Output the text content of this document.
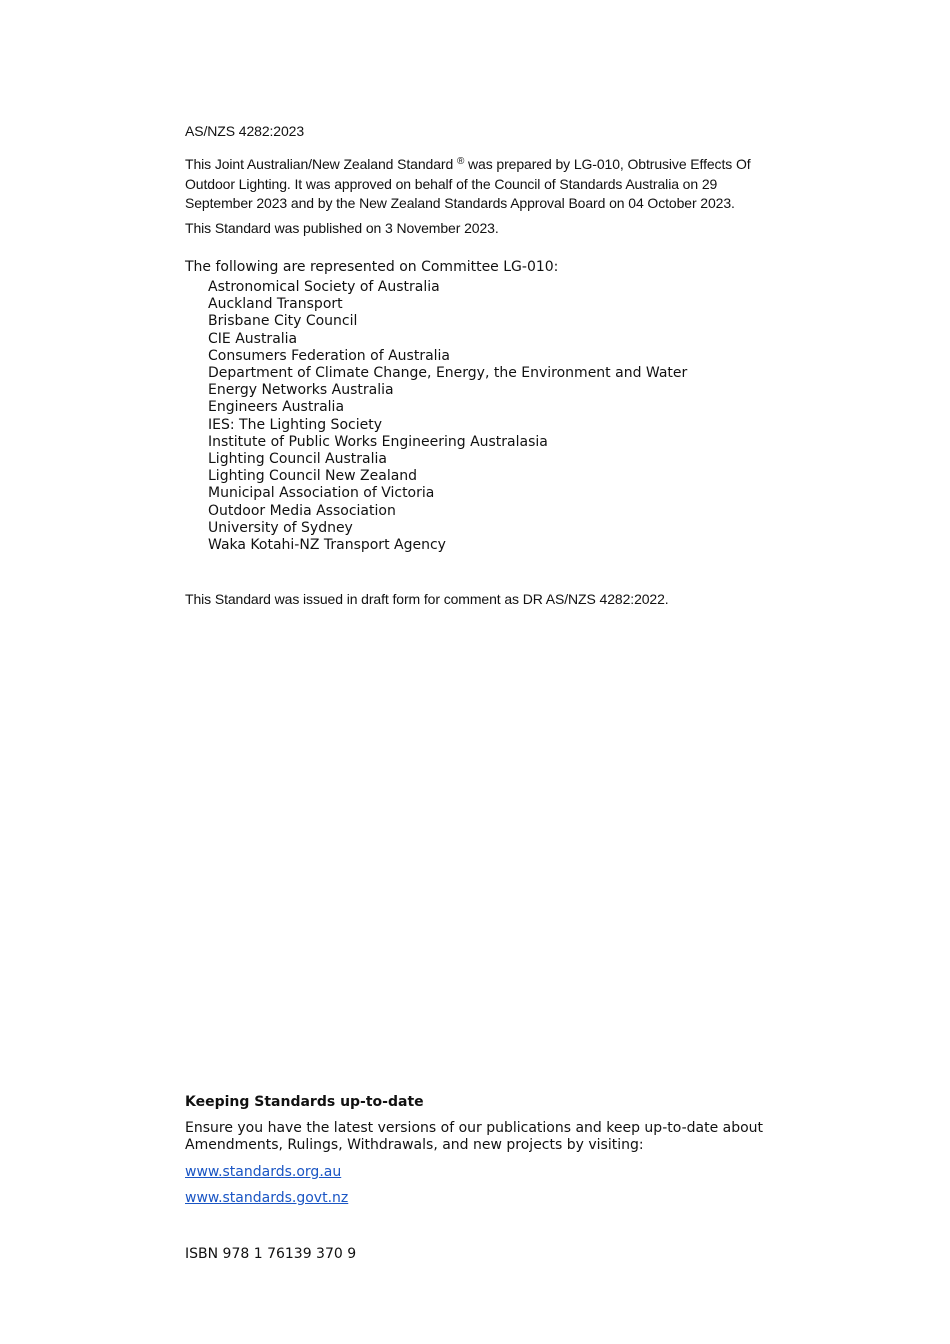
AS/NZS 4282:2023

This Joint Australian/New Zealand Standard ® was prepared by LG-010, Obtrusive Effects Of Outdoor Lighting. It was approved on behalf of the Council of Standards Australia on 29 September 2023 and by the New Zealand Standards Approval Board on 04 October 2023.

This Standard was published on 3 November 2023.

The following are represented on Committee LG-010:

Astronomical Society of Australia
Auckland Transport
Brisbane City Council
CIE Australia
Consumers Federation of Australia
Department of Climate Change, Energy, the Environment and Water
Energy Networks Australia
Engineers Australia
IES: The Lighting Society
Institute of Public Works Engineering Australasia
Lighting Council Australia
Lighting Council New Zealand
Municipal Association of Victoria
Outdoor Media Association
University of Sydney
Waka Kotahi-NZ Transport Agency

This Standard was issued in draft form for comment as DR AS/NZS 4282:2022.

Keeping Standards up-to-date

Ensure you have the latest versions of our publications and keep up-to-date about Amendments, Rulings, Withdrawals, and new projects by visiting:

www.standards.org.au

www.standards.govt.nz

ISBN 978 1 76139 370 9
